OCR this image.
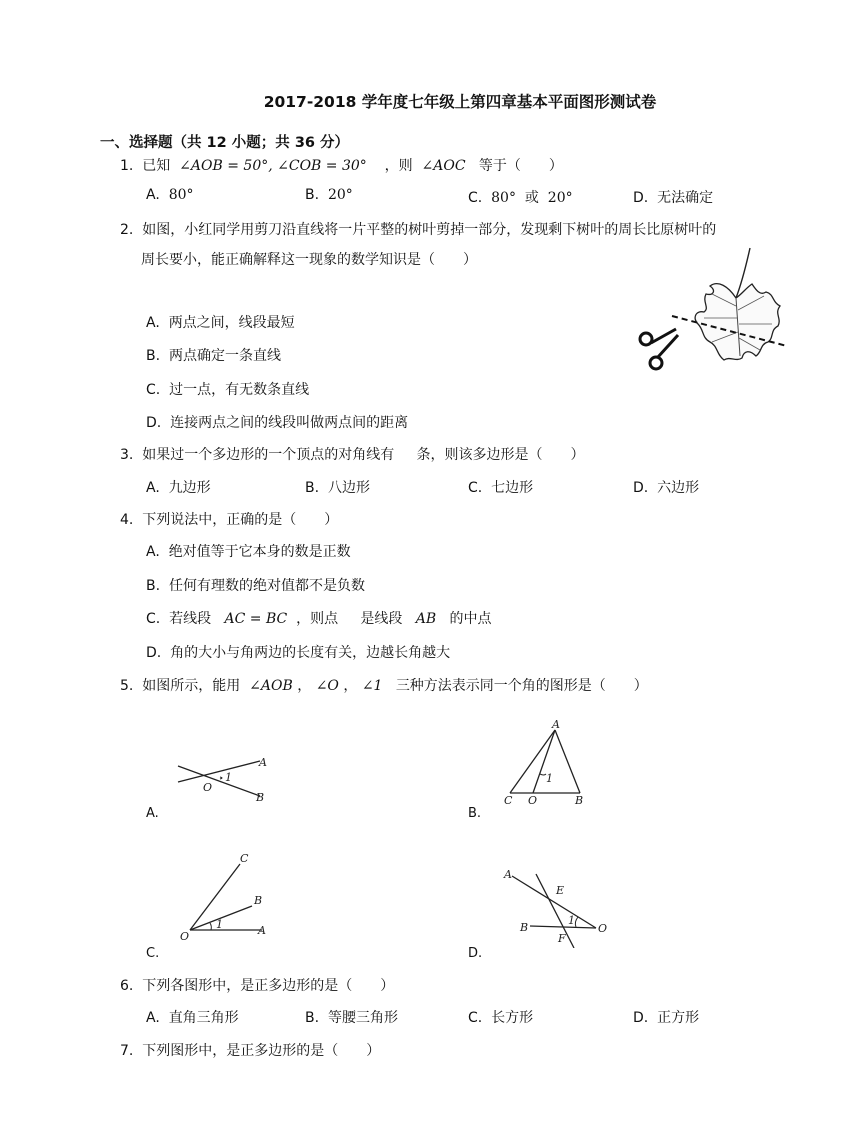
2017-2018 学年度七年级上第四章基本平面图形测试卷
一、选择题（共 12 小题；共 36 分）
1. 已知 ∠AOB = 50°, ∠COB = 30° ，则 ∠AOC 等于（　　）
A. 80°	B. 20°	C. 80° 或 20°	D. 无法确定
2. 如图，小红同学用剪刀沿直线将一片平整的树叶剪掉一部分，发现剩下树叶的周长比原树叶的
周长要小，能正确解释这一现象的数学知识是（　　）
A. 两点之间，线段最短
B. 两点确定一条直线
C. 过一点，有无数条直线
D. 连接两点之间的线段叫做两点间的距离
3. 如果过一个多边形的一个顶点的对角线有 条，则该多边形是（　　）
A. 九边形	B. 八边形	C. 七边形	D. 六边形
4. 下列说法中，正确的是（　　）
A. 绝对值等于它本身的数是正数
B. 任何有理数的绝对值都不是负数
C. 若线段 AC = BC ，则点 是线段 AB 的中点
D. 角的大小与角两边的长度有关，边越长角越大
5. 如图所示，能用 ∠AOB ， ∠O ， ∠1 三种方法表示同一个角的图形是（　　）
A
B
O
1
A.
A
B
C O
1
B.
C
B
A
O
1
C.
A
B
E
F
O
1
D.
6. 下列各图形中，是正多边形的是（　　）
A. 直角三角形	B. 等腰三角形	C. 长方形	D. 正方形
7. 下列图形中，是正多边形的是（　　）
